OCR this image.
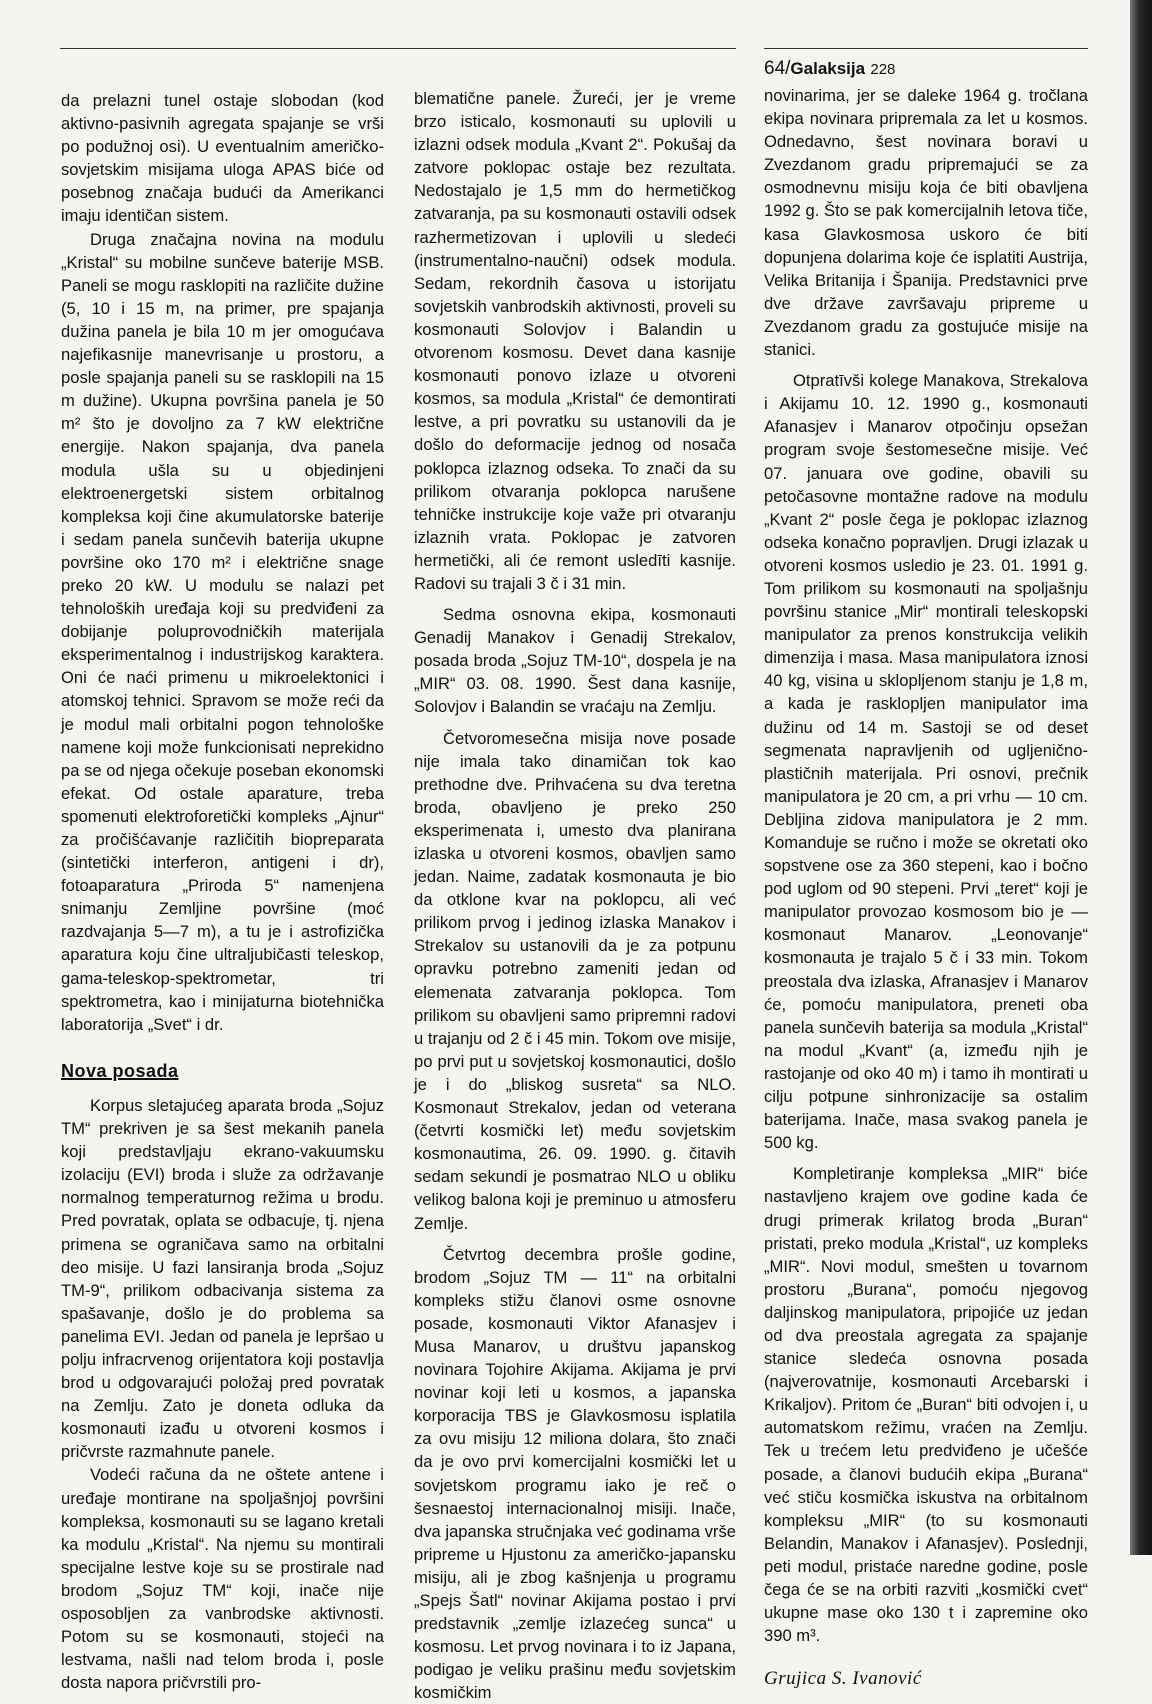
64/Galaksija 228

da prelazni tunel ostaje slobodan (kod aktivno-pasivnih agregata spajanje se vrši po podužnoj osi). U eventualnim američko-sovjetskim misijama uloga APAS biće od posebnog značaja budući da Amerikanci imaju identičan sistem.

Druga značajna novina na modulu „Kristal“ su mobilne sunčeve baterije MSB. Paneli se mogu rasklopiti na različite dužine (5, 10 i 15 m, na primer, pre spajanja dužina panela je bila 10 m jer omogućava najefikasnije manevrisanje u prostoru, a posle spajanja paneli su se rasklopili na 15 m dužine). Ukupna površina panela je 50 m² što je dovoljno za 7 kW električne energije. Nakon spajanja, dva panela modula ušla su u objedinjeni elektroenergetski sistem orbitalnog kompleksa koji čine akumulatorske baterije i sedam panela sunčevih baterija ukupne površine oko 170 m² i električne snage preko 20 kW. U modulu se nalazi pet tehnoloških uređaja koji su predviđeni za dobijanje poluprovodničkih materijala eksperimentalnog i industrijskog karaktera. Oni će naći primenu u mikroelektonici i atomskoj tehnici. Spravom se može reći da je modul mali orbitalni pogon tehnološke namene koji može funkcionisati neprekidno pa se od njega očekuje poseban ekonomski efekat. Od ostale aparature, treba spomenuti elektroforetički kompleks „Ajnur“ za pročišćavanje različitih biopreparata (sintetički interferon, antigeni i dr), fotoaparatura „Priroda 5“ namenjena snimanju Zemljine površine (moć razdvajanja 5—7 m), a tu je i astrofizička aparatura koju čine ultraljubičasti teleskop, gama-teleskop-spektrometar, tri spektrometra, kao i minijaturna biotehnička laboratorija „Svet“ i dr.

Nova posada

Korpus sletajućeg aparata broda „Sojuz TM“ prekriven je sa šest mekanih panela koji predstavljaju ekrano-vakuumsku izolaciju (EVI) broda i služe za održavanje normalnog temperaturnog režima u brodu. Pred povratak, oplata se odbacuje, tj. njena primena se ograničava samo na orbitalni deo misije. U fazi lansiranja broda „Sojuz TM-9“, prilikom odbacivanja sistema za spašavanje, došlo je do problema sa panelima EVI. Jedan od panela je lepršao u polju infracrvenog orijentatora koji postavlja brod u odgovarajući položaj pred povratak na Zemlju. Zato je doneta odluka da kosmonauti izađu u otvoreni kosmos i pričvrste razmahnute panele.

Vodeći računa da ne oštete antene i uređaje montirane na spoljašnjoj površini kompleksa, kosmonauti su se lagano kretali ka modulu „Kristal“. Na njemu su montirali specijalne lestve koje su se prostirale nad brodom „Sojuz TM“ koji, inače nije osposobljen za vanbrodske aktivnosti. Potom su se kosmonauti, stojeći na lestvama, našli nad telom broda i, posle dosta napora pričvrstili pro-

blematične panele. Žureći, jer je vreme brzo isticalo, kosmonauti su uplovili u izlazni odsek modula „Kvant 2“. Pokušaj da zatvore poklopac ostaje bez rezultata. Nedostajalo je 1,5 mm do hermetičkog zatvaranja, pa su kosmonauti ostavili odsek razhermetizovan i uplovili u sledeći (instrumentalno-naučni) odsek modula. Sedam, rekordnih časova u istorijatu sovjetskih vanbrodskih aktivnosti, proveli su kosmonauti Solovjov i Balandin u otvorenom kosmosu. Devet dana kasnije kosmonauti ponovo izlaze u otvoreni kosmos, sa modula „Kristal“ će demontirati lestve, a pri povratku su ustanovili da je došlo do deformacije jednog od nosača poklopca izlaznog odseka. To znači da su prilikom otvaranja poklopca narušene tehničke instrukcije koje važe pri otvaranju izlaznih vrata. Poklopac je zatvoren hermetički, ali će remont usledīti kasnije. Radovi su trajali 3 č i 31 min.

Sedma osnovna ekipa, kosmonauti Genadij Manakov i Genadij Strekalov, posada broda „Sojuz TM-10“, dospela je na „MIR“ 03. 08. 1990. Šest dana kasnije, Solovjov i Balandin se vraćaju na Zemlju.

Četvoromesečna misija nove posade nije imala tako dinamičan tok kao prethodne dve. Prihvaćena su dva teretna broda, obavljeno je preko 250 eksperimenata i, umesto dva planirana izlaska u otvoreni kosmos, obavljen samo jedan. Naime, zadatak kosmonauta je bio da otklone kvar na poklopcu, ali već prilikom prvog i jedinog izlaska Manakov i Strekalov su ustanovili da je za potpunu opravku potrebno zameniti jedan od elemenata zatvaranja poklopca. Tom prilikom su obavljeni samo pripremni radovi u trajanju od 2 č i 45 min. Tokom ove misije, po prvi put u sovjetskoj kosmonautici, došlo je i do „bliskog susreta“ sa NLO. Kosmonaut Strekalov, jedan od veterana (četvrti kosmički let) među sovjetskim kosmonautima, 26. 09. 1990. g. čitavih sedam sekundi je posmatrao NLO u obliku velikog balona koji je preminuo u atmosferu Zemlje.

Četvrtog decembra prošle godine, brodom „Sojuz TM — 11“ na orbitalni kompleks stižu članovi osme osnovne posade, kosmonauti Viktor Afanasjev i Musa Manarov, u društvu japanskog novinara Tojohire Akijama. Akijama je prvi novinar koji leti u kosmos, a japanska korporacija TBS je Glavkosmosu isplatila za ovu misiju 12 miliona dolara, što znači da je ovo prvi komercijalni kosmički let u sovjetskom programu iako je reč o šesnaestoj internacionalnoj misiji. Inače, dva japanska stručnjaka već godinama vrše pripreme u Hjustonu za američko-japansku misiju, ali je zbog kašnjenja u programu „Spejs Šatl“ novinar Akijama postao i prvi predstavnik „zemlje izlazećeg sunca“ u kosmosu. Let prvog novinara i to iz Japana, podigao je veliku prašinu među sovjetskim kosmičkim

novinarima, jer se daleke 1964 g. tročlana ekipa novinara pripremala za let u kosmos. Odnedavno, šest novinara boravi u Zvezdanom gradu pripremajući se za osmodnevnu misiju koja će biti obavljena 1992 g. Što se pak komercijalnih letova tiče, kasa Glavkosmosa uskoro će biti dopunjena dolarima koje će isplatiti Austrija, Velika Britanija i Španija. Predstavnici prve dve države završavaju pripreme u Zvezdanom gradu za gostujuće misije na stanici.

Otpratīvši kolege Manakova, Strekalova i Akijamu 10. 12. 1990 g., kosmonauti Afanasjev i Manarov otpočinju opsežan program svoje šestomesečne misije. Već 07. januara ove godine, obavili su petočasovne montažne radove na modulu „Kvant 2“ posle čega je poklopac izlaznog odseka konačno popravljen. Drugi izlazak u otvoreni kosmos usledio je 23. 01. 1991 g. Tom prilikom su kosmonauti na spoljašnju površinu stanice „Mir“ montirali teleskopski manipulator za prenos konstrukcija velikih dimenzija i masa. Masa manipulatora iznosi 40 kg, visina u sklopljenom stanju je 1,8 m, a kada je rasklopljen manipulator ima dužinu od 14 m. Sastoji se od deset segmenata napravljenih od ugljenično-plastičnih materijala. Pri osnovi, prečnik manipulatora je 20 cm, a pri vrhu — 10 cm. Debljina zidova manipulatora je 2 mm. Komanduje se ručno i može se okretati oko sopstvene ose za 360 stepeni, kao i bočno pod uglom od 90 stepeni. Prvi „teret“ koji je manipulator provozao kosmosom bio je — kosmonaut Manarov. „Leonovanje“ kosmonauta je trajalo 5 č i 33 min. Tokom preostala dva izlaska, Afranasjev i Manarov će, pomoću manipulatora, preneti oba panela sunčevih baterija sa modula „Kristal“ na modul „Kvant“ (a, između njih je rastojanje od oko 40 m) i tamo ih montirati u cilju potpune sinhronizacije sa ostalim baterijama. Inače, masa svakog panela je 500 kg.

Kompletiranje kompleksa „MIR“ biće nastavljeno krajem ove godine kada će drugi primerak krilatog broda „Buran“ pristati, preko modula „Kristal“, uz kompleks „MIR“. Novi modul, smešten u tovarnom prostoru „Burana“, pomoću njegovog daljinskog manipulatora, pripojiće uz jedan od dva preostala agregata za spajanje stanice sledeća osnovna posada (najverovatnije, kosmonauti Arcebarski i Krikaljov). Pritom će „Buran“ biti odvojen i, u automatskom režimu, vraćen na Zemlju. Tek u trećem letu predviđeno je učešće posade, a članovi budućih ekipa „Burana“ već stiču kosmička iskustva na orbitalnom kompleksu „MIR“ (to su kosmonauti Belandin, Manakov i Afanasjev). Poslednji, peti modul, pristaće naredne godine, posle čega će se na orbiti razviti „kosmički cvet“ ukupne mase oko 130 t i zapremine oko 390 m³.

Grujica S. Ivanović
